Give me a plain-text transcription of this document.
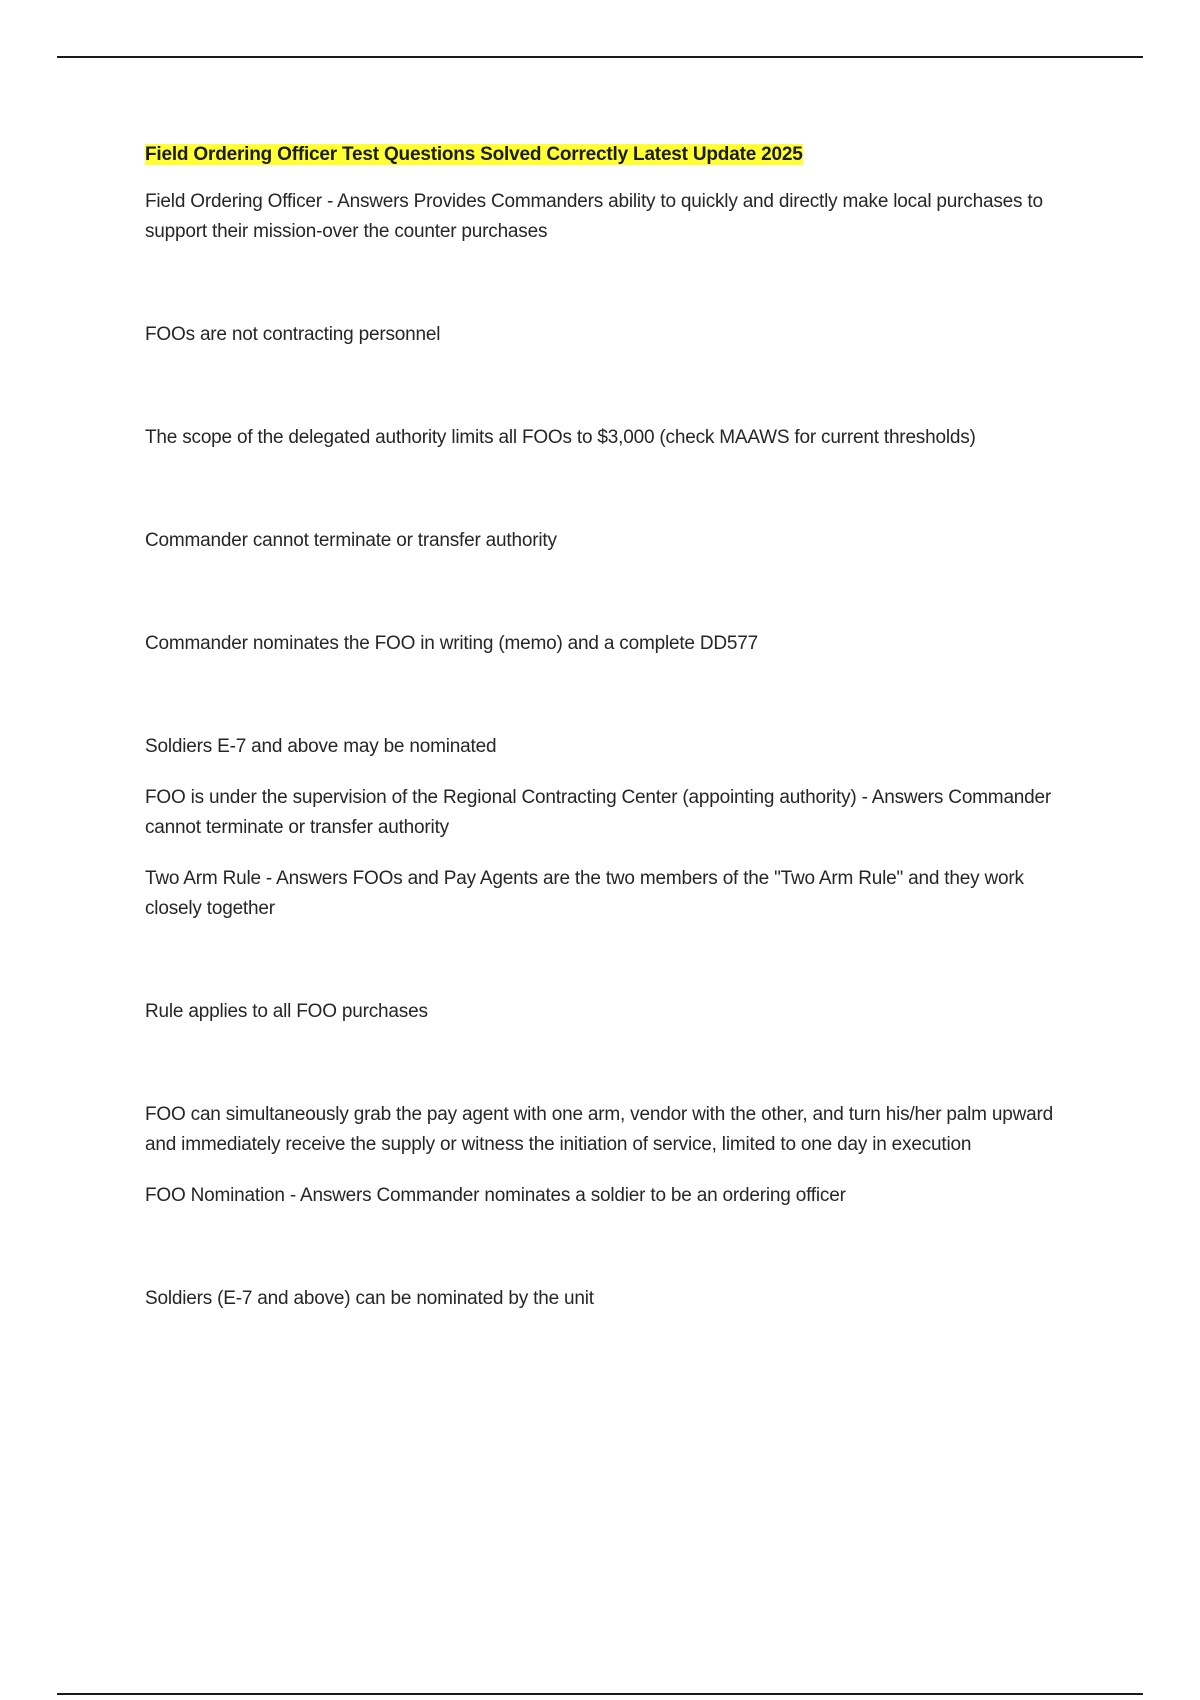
Field Ordering Officer Test Questions Solved Correctly Latest Update 2025

Field Ordering Officer - Answers Provides Commanders ability to quickly and directly make local purchases to support their mission-over the counter purchases

FOOs are not contracting personnel

The scope of the delegated authority limits all FOOs to $3,000 (check MAAWS for current thresholds)

Commander cannot terminate or transfer authority

Commander nominates the FOO in writing (memo) and a complete DD577

Soldiers E-7 and above may be nominated

FOO is under the supervision of the Regional Contracting Center (appointing authority) - Answers Commander cannot terminate or transfer authority

Two Arm Rule - Answers FOOs and Pay Agents are the two members of the "Two Arm Rule" and they work closely together

Rule applies to all FOO purchases

FOO can simultaneously grab the pay agent with one arm, vendor with the other, and turn his/her palm upward and immediately receive the supply or witness the initiation of service, limited to one day in execution

FOO Nomination - Answers Commander nominates a soldier to be an ordering officer

Soldiers (E-7 and above) can be nominated by the unit
